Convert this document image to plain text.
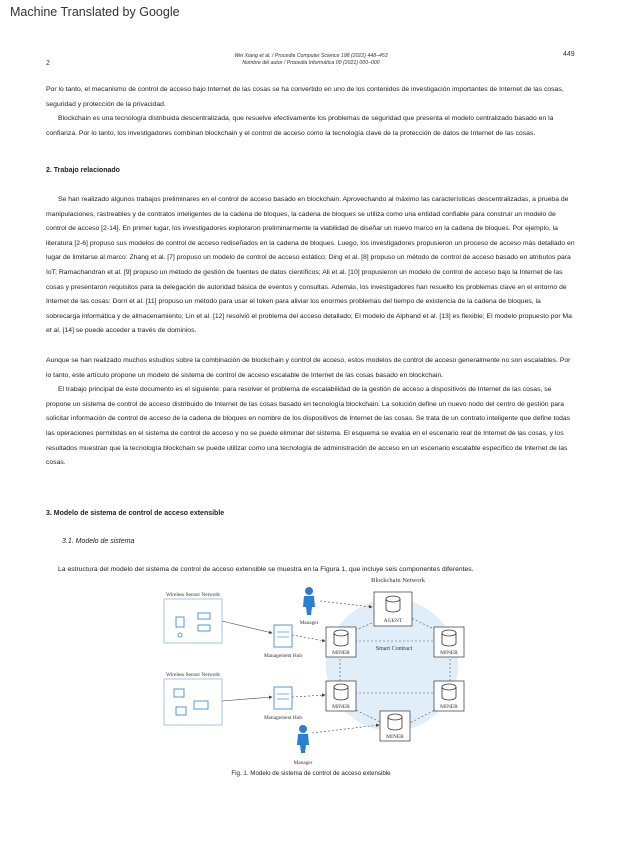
Machine Translated by Google
2
449
Wei Xiang et al. / Procedia Computer Science 198 (2022) 448–453
Nombre del autor / Procedia Informática 00 (2021) 000–000

Por lo tanto, el mecanismo de control de acceso bajo Internet de las cosas se ha convertido en uno de los contenidos de investigación importantes de Internet de las cosas, seguridad y protección de la privacidad.

Blockchain es una tecnología distribuida descentralizada, que resuelve efectivamente los problemas de seguridad que presenta el modelo centralizado basado en la confianza. Por lo tanto, los investigadores combinan blockchain y el control de acceso como la tecnología clave de la protección de datos de Internet de las cosas.

2. Trabajo relacionado

Se han realizado algunos trabajos preliminares en el control de acceso basado en blockchain. Aprovechando al máximo las características descentralizadas, a prueba de manipulaciones, rastreables y de contratos inteligentes de la cadena de bloques, la cadena de bloques se utiliza como una entidad confiable para construir un modelo de control de acceso [2-14]. En primer lugar, los investigadores exploraron preliminarmente la viabilidad de diseñar un nuevo marco en la cadena de bloques. Por ejemplo, la literatura [2-6] propuso sus modelos de control de acceso rediseñados en la cadena de bloques. Luego, los investigadores propusieron un proceso de acceso más detallado en lugar de limitarse al marco: Zhang et al. [7] propuso un modelo de control de acceso estático; Ding et al. [8] propuso un método de control de acceso basado en atributos para IoT; Ramachandran et al. [9] propuso un método de gestión de fuentes de datos científicos; Ali et al. [10] propusieron un modelo de control de acceso bajo la Internet de las cosas y presentaron requisitos para la delegación de autoridad básica de eventos y consultas. Además, los investigadores han resuelto los problemas clave en el entorno de Internet de las cosas: Dorri et al. [11] propuso un método para usar el token para aliviar los enormes problemas del tiempo de existencia de la cadena de bloques, la sobrecarga informática y de almacenamiento; Lin et al. [12] resolvió el problema del acceso detallado; El modelo de Alphand et al. [13] es flexible; El modelo propuesto por Ma et al. [14] se puede acceder a través de dominios.

Aunque se han realizado muchos estudios sobre la combinación de blockchain y control de acceso, estos modelos de control de acceso generalmente no son escalables. Por lo tanto, este artículo propone un modelo de sistema de control de acceso escalable de Internet de las cosas basado en blockchain.

El trabajo principal de este documento es el siguiente: para resolver el problema de escalabilidad de la gestión de acceso a dispositivos de Internet de las cosas, se propone un sistema de control de acceso distribuido de Internet de las cosas basado en tecnología blockchain. La solución define un nuevo nodo del centro de gestión para solicitar información de control de acceso de la cadena de bloques en nombre de los dispositivos de Internet de las cosas. Se trata de un contrato inteligente que define todas las operaciones permitidas en el sistema de control de acceso y no se puede eliminar del sistema. El esquema se evalúa en el escenario real de Internet de las cosas, y los resultados muestran que la tecnología blockchain se puede utilizar como una tecnología de administración de acceso en un escenario escalable específico de Internet de las cosas.

3. Modelo de sistema de control de acceso extensible
3.1. Modelo de sistema

La estructura del modelo del sistema de control de acceso extensible se muestra en la Figura 1, que incluye seis componentes diferentes.

Blockchain Network
Smart Contract
AGENT
MINER	MINER
MINER	MINER
MINER
Wireless Sensor Network
Wireless Sensor Network
Management Hub
Management Hub
Manager
Manager
Fig. 1. Modelo de sistema de control de acceso extensible
